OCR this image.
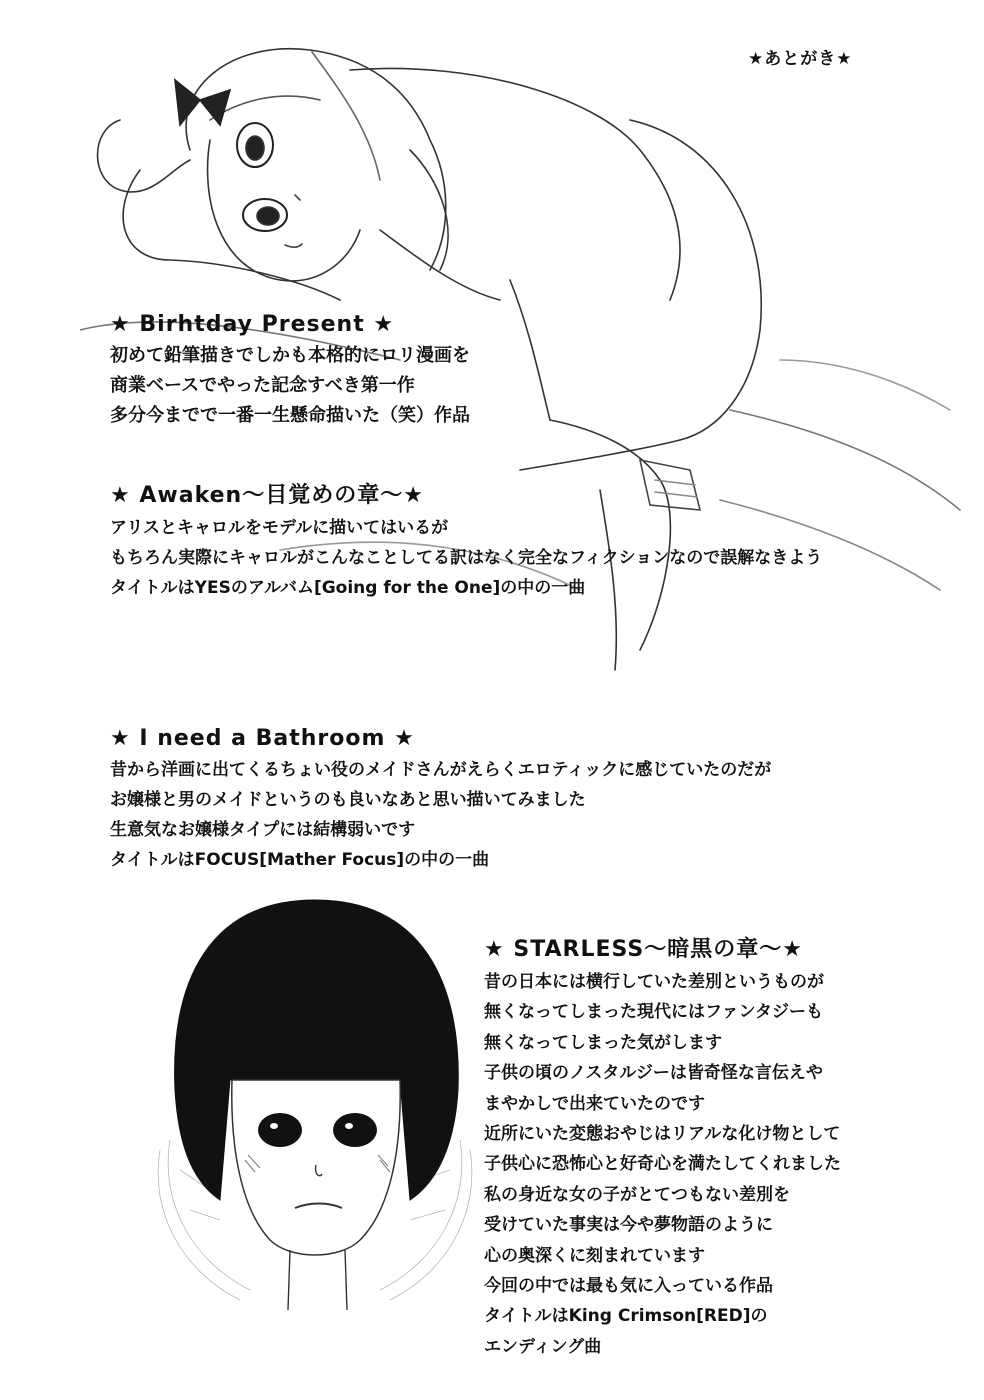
★あとがき★
★ Birhtday Present ★
初めて鉛筆描きでしかも本格的にロリ漫画を
商業ベースでやった記念すべき第一作
多分今までで一番一生懸命描いた（笑）作品
★ Awaken～目覚めの章～★
アリスとキャロルをモデルに描いてはいるが
もちろん実際にキャロルがこんなことしてる訳はなく完全なフィクションなので誤解なきよう
タイトルはYESのアルバム[Going for the One]の中の一曲
★ I need a Bathroom ★
昔から洋画に出てくるちょい役のメイドさんがえらくエロティックに感じていたのだが
お嬢様と男のメイドというのも良いなあと思い描いてみました
生意気なお嬢様タイプには結構弱いです
タイトルはFOCUS[Mather Focus]の中の一曲
★ STARLESS～暗黒の章～★
昔の日本には横行していた差別というものが
無くなってしまった現代にはファンタジーも
無くなってしまった気がします
子供の頃のノスタルジーは皆奇怪な言伝えや
まやかしで出来ていたのです
近所にいた変態おやじはリアルな化け物として
子供心に恐怖心と好奇心を満たしてくれました
私の身近な女の子がとてつもない差別を
受けていた事実は今や夢物語のように
心の奥深くに刻まれています
今回の中では最も気に入っている作品
タイトルはKing Crimson[RED]の
エンディング曲
